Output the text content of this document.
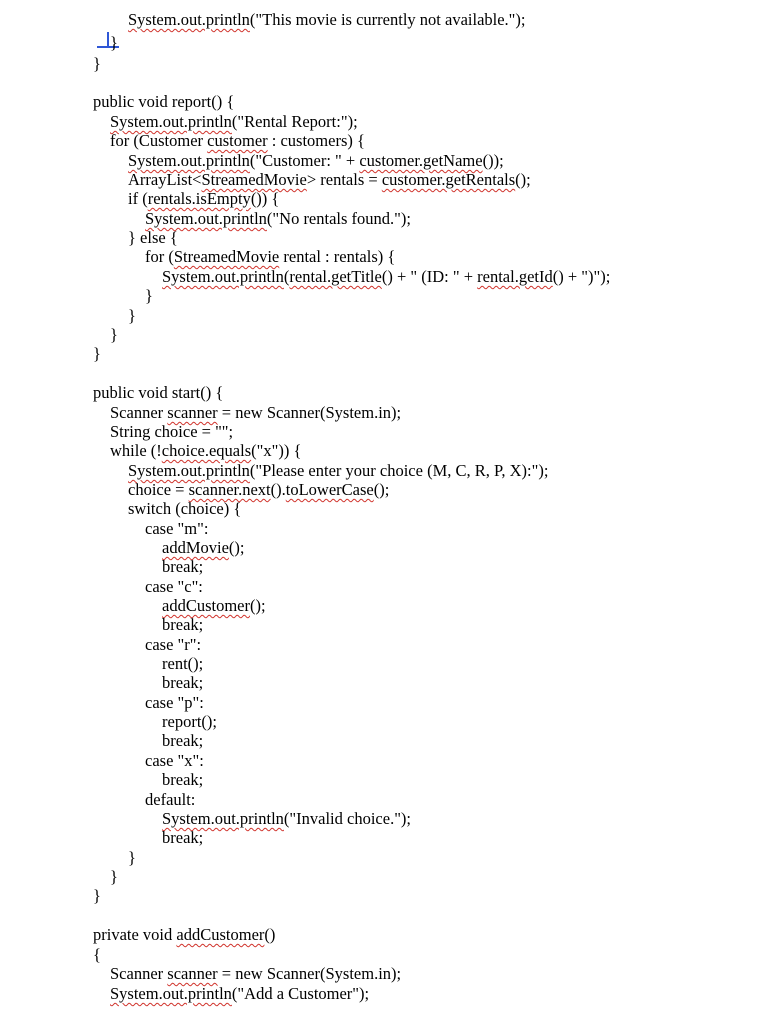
System.out.println("This movie is currently not available.");
}
}
public void report() {
System.out.println("Rental Report:");
for (Customer customer : customers) {
System.out.println("Customer: " + customer.getName());
ArrayList<StreamedMovie> rentals = customer.getRentals();
if (rentals.isEmpty()) {
System.out.println("No rentals found.");
} else {
for (StreamedMovie rental : rentals) {
System.out.println(rental.getTitle() + " (ID: " + rental.getId() + ")");
}
}
}
}
public void start() {
Scanner scanner = new Scanner(System.in);
String choice = "";
while (!choice.equals("x")) {
System.out.println("Please enter your choice (M, C, R, P, X):");
choice = scanner.next().toLowerCase();
switch (choice) {
case "m":
addMovie();
break;
case "c":
addCustomer();
break;
case "r":
rent();
break;
case "p":
report();
break;
case "x":
break;
default:
System.out.println("Invalid choice.");
break;
}
}
}
private void addCustomer()
{
Scanner scanner = new Scanner(System.in);
System.out.println("Add a Customer");
